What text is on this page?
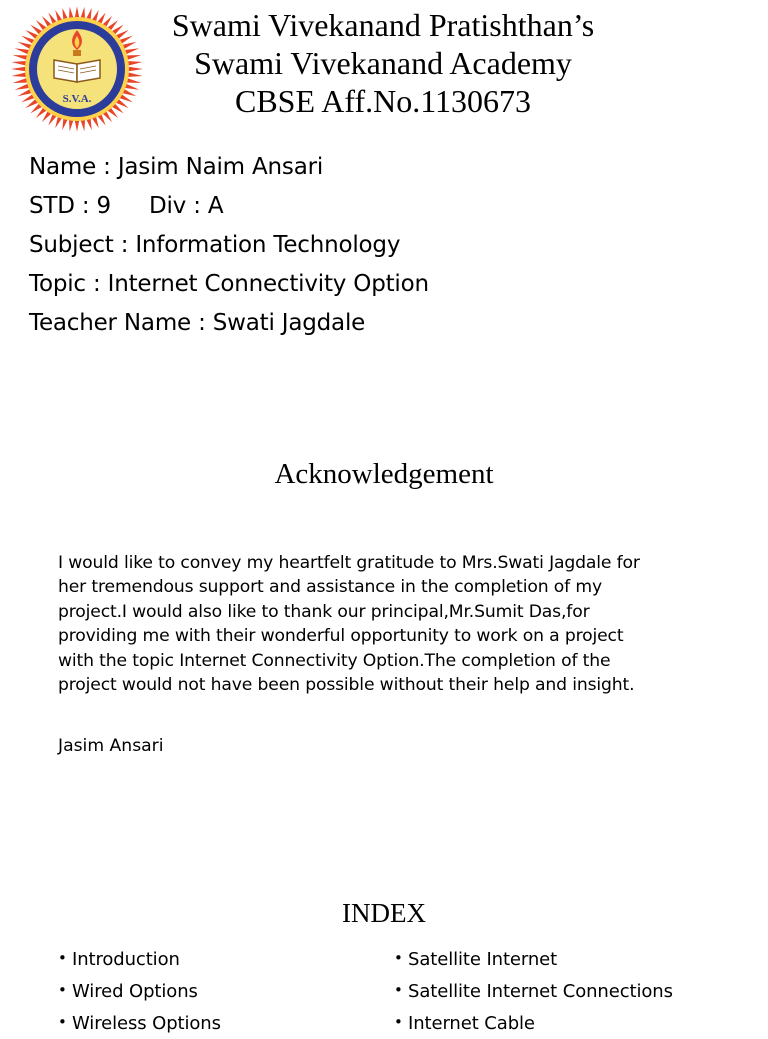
S.V.A.
Swami Vivekanand Pratishthan’s
Swami Vivekanand Academy
CBSE Aff.No.1130673
Name : Jasim Naim Ansari
STD : 9 Div : A
Subject : Information Technology
Topic : Internet Connectivity Option
Teacher Name : Swati Jagdale
Acknowledgement
I would like to convey my heartfelt gratitude to Mrs.Swati Jagdale for
her tremendous support and assistance in the completion of my
project.I would also like to thank our principal,Mr.Sumit Das,for
providing me with their wonderful opportunity to work on a project
with the topic Internet Connectivity Option.The completion of the
project would not have been possible without their help and insight.
Jasim Ansari
INDEX
• Introduction
• Wired Options
• Wireless Options
• Satellite Internet
• Satellite Internet Connections
• Internet Cable
